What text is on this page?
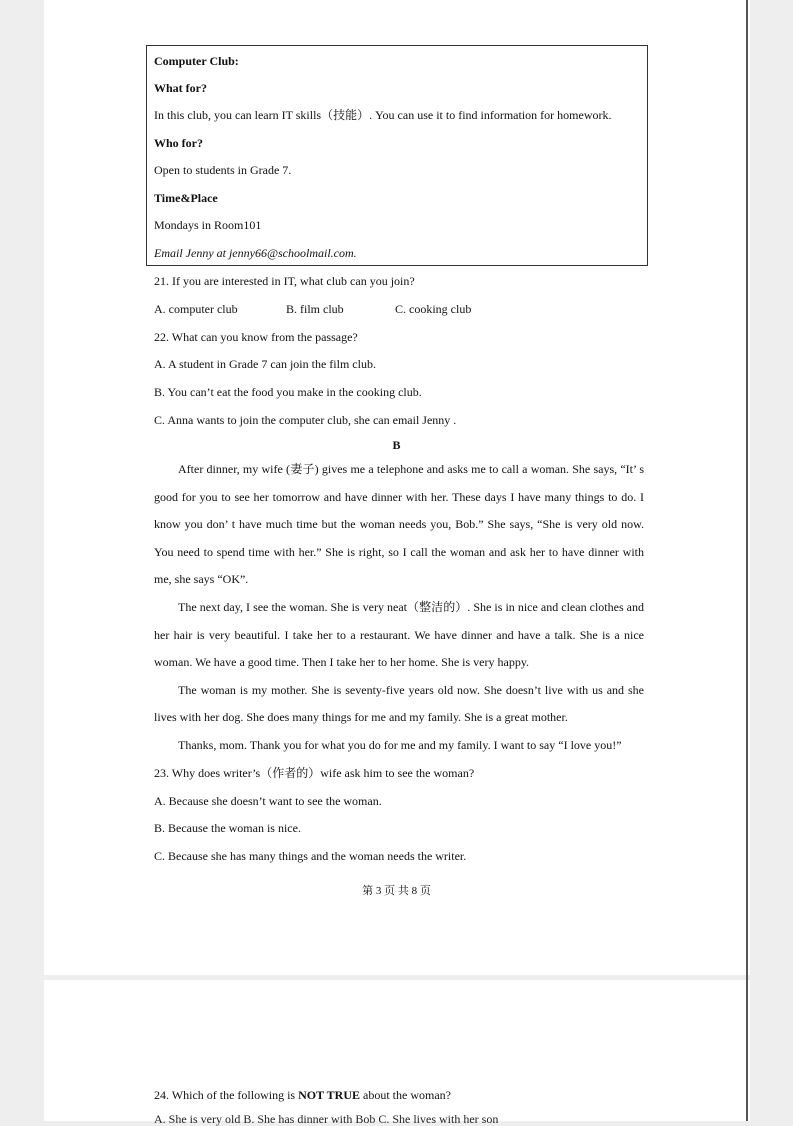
Computer Club:
What for?
In this club, you can learn IT skills（技能）. You can use it to find information for homework.
Who for?
Open to students in Grade 7.
Time&Place
Mondays in Room101
Email Jenny at jenny66@schoolmail.com.
21. If you are interested in IT, what club can you join?
A. computer club	B. film club	C. cooking club
22. What can you know from the passage?
A. A student in Grade 7 can join the film club.
B. You can’t eat the food you make in the cooking club.
C. Anna wants to join the computer club, she can email Jenny .
B

After dinner, my wife (妻子) gives me a telephone and asks me to call a woman. She says, “It’ s good for you to see her tomorrow and have dinner with her. These days I have many things to do. I know you don’ t have much time but the woman needs you, Bob.” She says, “She is very old now. You need to spend time with her.” She is right, so I call the woman and ask her to have dinner with me, she says “OK”.

The next day, I see the woman. She is very neat（整洁的）. She is in nice and clean clothes and her hair is very beautiful. I take her to a restaurant. We have dinner and have a talk. She is a nice woman. We have a good time. Then I take her to her home. She is very happy.

The woman is my mother. She is seventy-five years old now. She doesn’t live with us and she lives with her dog. She does many things for me and my family. She is a great mother.

Thanks, mom. Thank you for what you do for me and my family. I want to say “I love you!”

23. Why does writer’s（作者的）wife ask him to see the woman?
A. Because she doesn’t want to see the woman.
B. Because the woman is nice.
C. Because she has many things and the woman needs the writer.
第 3 页 共 8 页
24. Which of the following is NOT TRUE about the woman?
A. She is very old B. She has dinner with Bob C. She lives with her son
